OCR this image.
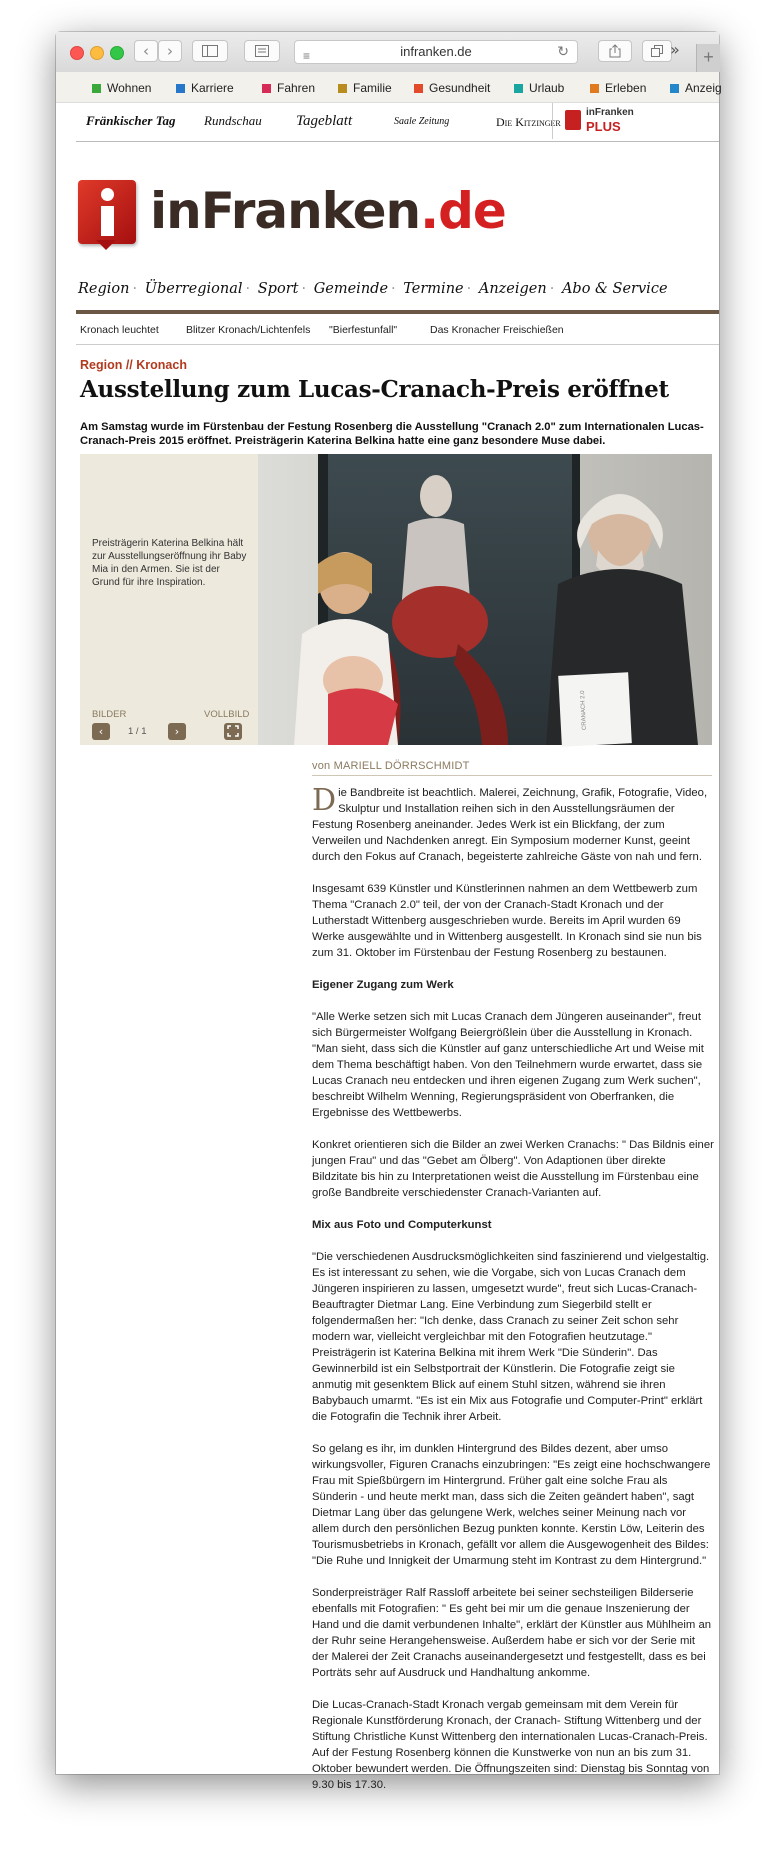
‹	›	≡	infranken.de	↻	»	+
Wohnen	Karriere	Fahren	Familie	Gesundheit	Urlaub	Erleben	Anzeig
Fränkischer Tag Rundschau Tageblatt	Saale Zeitung	Die Kitzinger
inFranken
PLUS
inFranken.de
Region · Überregional · Sport · Gemeinde · Termine · Anzeigen · Abo & Service
Kronach leuchtet	Blitzer Kronach/Lichtenfels "Bierfestunfall"	Das Kronacher Freischießen
Region // Kronach
Ausstellung zum Lucas-Cranach-Preis eröffnet
Am Samstag wurde im Fürstenbau der Festung Rosenberg die Ausstellung "Cranach 2.0" zum Internationalen Lucas-Cranach-Preis 2015 eröffnet. Preisträgerin Katerina Belkina hatte eine ganz besondere Muse dabei.
Preisträgerin Katerina Belkina hält zur Ausstellungseröffnung ihr Baby Mia in den Armen. Sie ist der Grund für ihre Inspiration.
BILDER	VOLLBILD
‹	1 / 1	›
CRANACH 2.0
von MARIELL DÖRRSCHMIDT

Die Bandbreite ist beachtlich. Malerei, Zeichnung, Grafik, Fotografie, Video, Skulptur und Installation reihen sich in den Ausstellungsräumen der Festung Rosenberg aneinander. Jedes Werk ist ein Blickfang, der zum Verweilen und Nachdenken anregt. Ein Symposium moderner Kunst, geeint durch den Fokus auf Cranach, begeisterte zahlreiche Gäste von nah und fern.

Insgesamt 639 Künstler und Künstlerinnen nahmen an dem Wettbewerb zum Thema "Cranach 2.0" teil, der von der Cranach-Stadt Kronach und der Lutherstadt Wittenberg ausgeschrieben wurde. Bereits im April wurden 69 Werke ausgewählte und in Wittenberg ausgestellt. In Kronach sind sie nun bis zum 31. Oktober im Fürstenbau der Festung Rosenberg zu bestaunen.

Eigener Zugang zum Werk

"Alle Werke setzen sich mit Lucas Cranach dem Jüngeren auseinander", freut sich Bürgermeister Wolfgang Beiergrößlein über die Ausstellung in Kronach. "Man sieht, dass sich die Künstler auf ganz unterschiedliche Art und Weise mit dem Thema beschäftigt haben. Von den Teilnehmern wurde erwartet, dass sie Lucas Cranach neu entdecken und ihren eigenen Zugang zum Werk suchen", beschreibt Wilhelm Wenning, Regierungspräsident von Oberfranken, die Ergebnisse des Wettbewerbs.

Konkret orientieren sich die Bilder an zwei Werken Cranachs: " Das Bildnis einer jungen Frau" und das "Gebet am Ölberg". Von Adaptionen über direkte Bildzitate bis hin zu Interpretationen weist die Ausstellung im Fürstenbau eine große Bandbreite verschiedenster Cranach-Varianten auf.

Mix aus Foto und Computerkunst

"Die verschiedenen Ausdrucksmöglichkeiten sind faszinierend und vielgestaltig. Es ist interessant zu sehen, wie die Vorgabe, sich von Lucas Cranach dem Jüngeren inspirieren zu lassen, umgesetzt wurde", freut sich Lucas-Cranach-Beauftragter Dietmar Lang. Eine Verbindung zum Siegerbild stellt er folgendermaßen her: "Ich denke, dass Cranach zu seiner Zeit schon sehr modern war, vielleicht vergleichbar mit den Fotografien heutzutage."
Preisträgerin ist Katerina Belkina mit ihrem Werk "Die Sünderin". Das Gewinnerbild ist ein Selbstportrait der Künstlerin. Die Fotografie zeigt sie anmutig mit gesenktem Blick auf einem Stuhl sitzen, während sie ihren Babybauch umarmt. "Es ist ein Mix aus Fotografie und Computer-Print" erklärt die Fotografin die Technik ihrer Arbeit.

So gelang es ihr, im dunklen Hintergrund des Bildes dezent, aber umso wirkungsvoller, Figuren Cranachs einzubringen: "Es zeigt eine hochschwangere Frau mit Spießbürgern im Hintergrund. Früher galt eine solche Frau als Sünderin - und heute merkt man, dass sich die Zeiten geändert haben", sagt Dietmar Lang über das gelungene Werk, welches seiner Meinung nach vor allem durch den persönlichen Bezug punkten konnte. Kerstin Löw, Leiterin des Tourismusbetriebs in Kronach, gefällt vor allem die Ausgewogenheit des Bildes: "Die Ruhe und Innigkeit der Umarmung steht im Kontrast zu dem Hintergrund."

Sonderpreisträger Ralf Rassloff arbeitete bei seiner sechsteiligen Bilderserie ebenfalls mit Fotografien: " Es geht bei mir um die genaue Inszenierung der Hand und die damit verbundenen Inhalte", erklärt der Künstler aus Mühlheim an der Ruhr seine Herangehensweise. Außerdem habe er sich vor der Serie mit der Malerei der Zeit Cranachs auseinandergesetzt und festgestellt, dass es bei Porträts sehr auf Ausdruck und Handhaltung ankomme.

Die Lucas-Cranach-Stadt Kronach vergab gemeinsam mit dem Verein für Regionale Kunstförderung Kronach, der Cranach- Stiftung Wittenberg und der Stiftung Christliche Kunst Wittenberg den internationalen Lucas-Cranach-Preis. Auf der Festung Rosenberg können die Kunstwerke von nun an bis zum 31. Oktober bewundert werden. Die Öffnungszeiten sind: Dienstag bis Sonntag von 9.30 bis 17.30.
